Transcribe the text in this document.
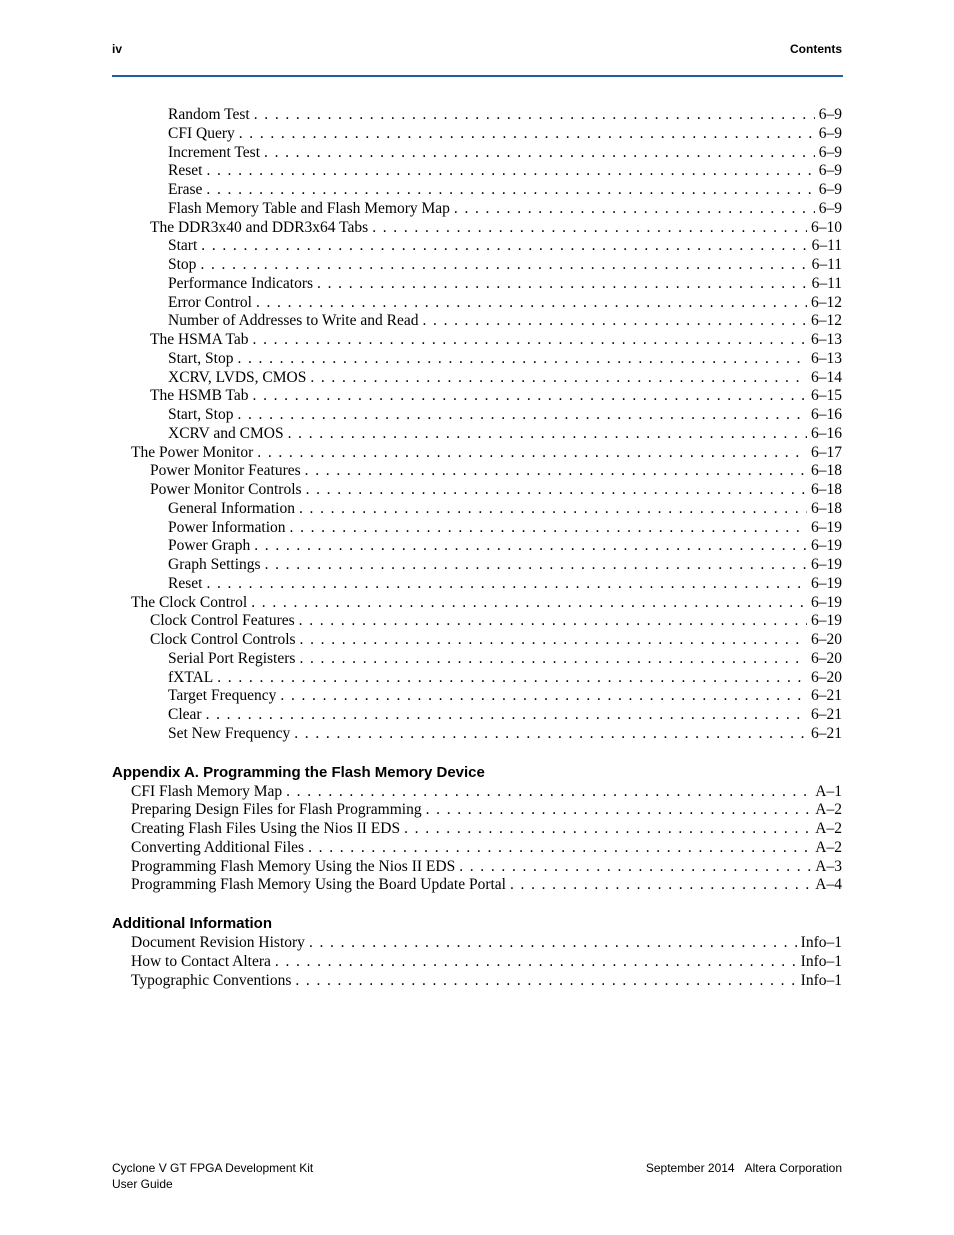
iv	Contents
Random Test . . .	6–9
CFI Query . . .	6–9
Increment Test . . .	6–9
Reset . . .	6–9
Erase . . .	6–9
Flash Memory Table and Flash Memory Map . . .	6–9
The DDR3x40 and DDR3x64 Tabs . . .	6–10
Start . . .	6–11
Stop . . .	6–11
Performance Indicators . . .	6–11
Error Control . . .	6–12
Number of Addresses to Write and Read . . .	6–12
The HSMA Tab . . .	6–13
Start, Stop . . .	6–13
XCRV, LVDS, CMOS . . .	6–14
The HSMB Tab . . .	6–15
Start, Stop . . .	6–16
XCRV and CMOS . . .	6–16
The Power Monitor . . .	6–17
Power Monitor Features . . .	6–18
Power Monitor Controls . . .	6–18
General Information . . .	6–18
Power Information . . .	6–19
Power Graph . . .	6–19
Graph Settings . . .	6–19
Reset . . .	6–19
The Clock Control . . .	6–19
Clock Control Features . . .	6–19
Clock Control Controls . . .	6–20
Serial Port Registers . . .	6–20
fXTAL . . .	6–20
Target Frequency . . .	6–21
Clear . . .	6–21
Set New Frequency . . .	6–21
Appendix A. Programming the Flash Memory Device
CFI Flash Memory Map . . .	A–1
Preparing Design Files for Flash Programming . . .	A–2
Creating Flash Files Using the Nios II EDS . . .	A–2
Converting Additional Files . . .	A–2
Programming Flash Memory Using the Nios II EDS . . .	A–3
Programming Flash Memory Using the Board Update Portal . . .	A–4
Additional Information
Document Revision History . . .	Info–1
How to Contact Altera . . .	Info–1
Typographic Conventions . . .	Info–1
Cyclone V GT FPGA Development Kit
User Guide
September 2014 Altera Corporation
